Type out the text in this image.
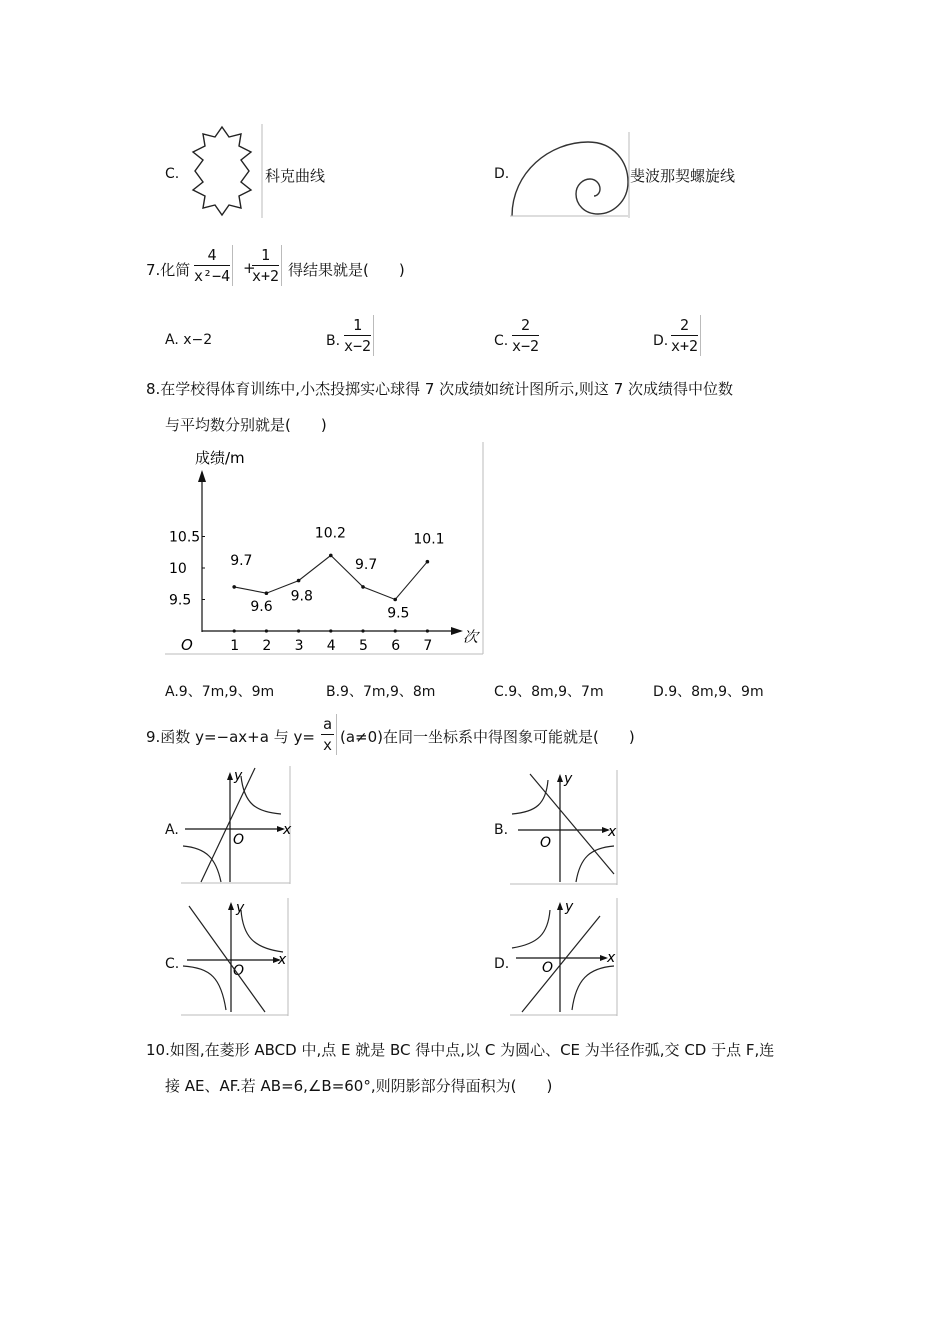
C.	科克曲线	D.	斐波那契螺旋线
7.化简 $\frac{4}{\text{x²−4}}$ +
$\frac{1}{x+2}$ 得结果就是(　　)
A. x−2	B. $\frac{1}{x-2}$	C. $\frac{2}{x-2}$	D. $\frac{2}{x+2}$
8.在学校得体育训练中,小杰投掷实心球得 7 次成绩如统计图所示,则这 7 次成绩得中位数
与平均数分别就是(　　)
成绩/m
次
O
9.5
10
10.5
1 2 3 4 5 6 7
9.7
9.6
9.8
10.2
9.7
9.5
10.1
A.9、7m,9、9m	B.9、7m,9、8m	C.9、8m,9、7m	D.9、8m,9、9m
9.函数 y=−ax+a 与 $y= \frac{a}{x} (a\ne 0)$在同一坐标系中得图象可能就是(　　)
A.
y
x
O
B.
y
x
O
C.
y
x
O	D.
y
x
O
10.如图,在菱形 ABCD 中,点 E 就是 BC 得中点,以 C 为圆心、CE 为半径作弧,交 CD 于点 F,连
接 AE、AF.若 AB=6,∠B=60°,则阴影部分得面积为(　　)
